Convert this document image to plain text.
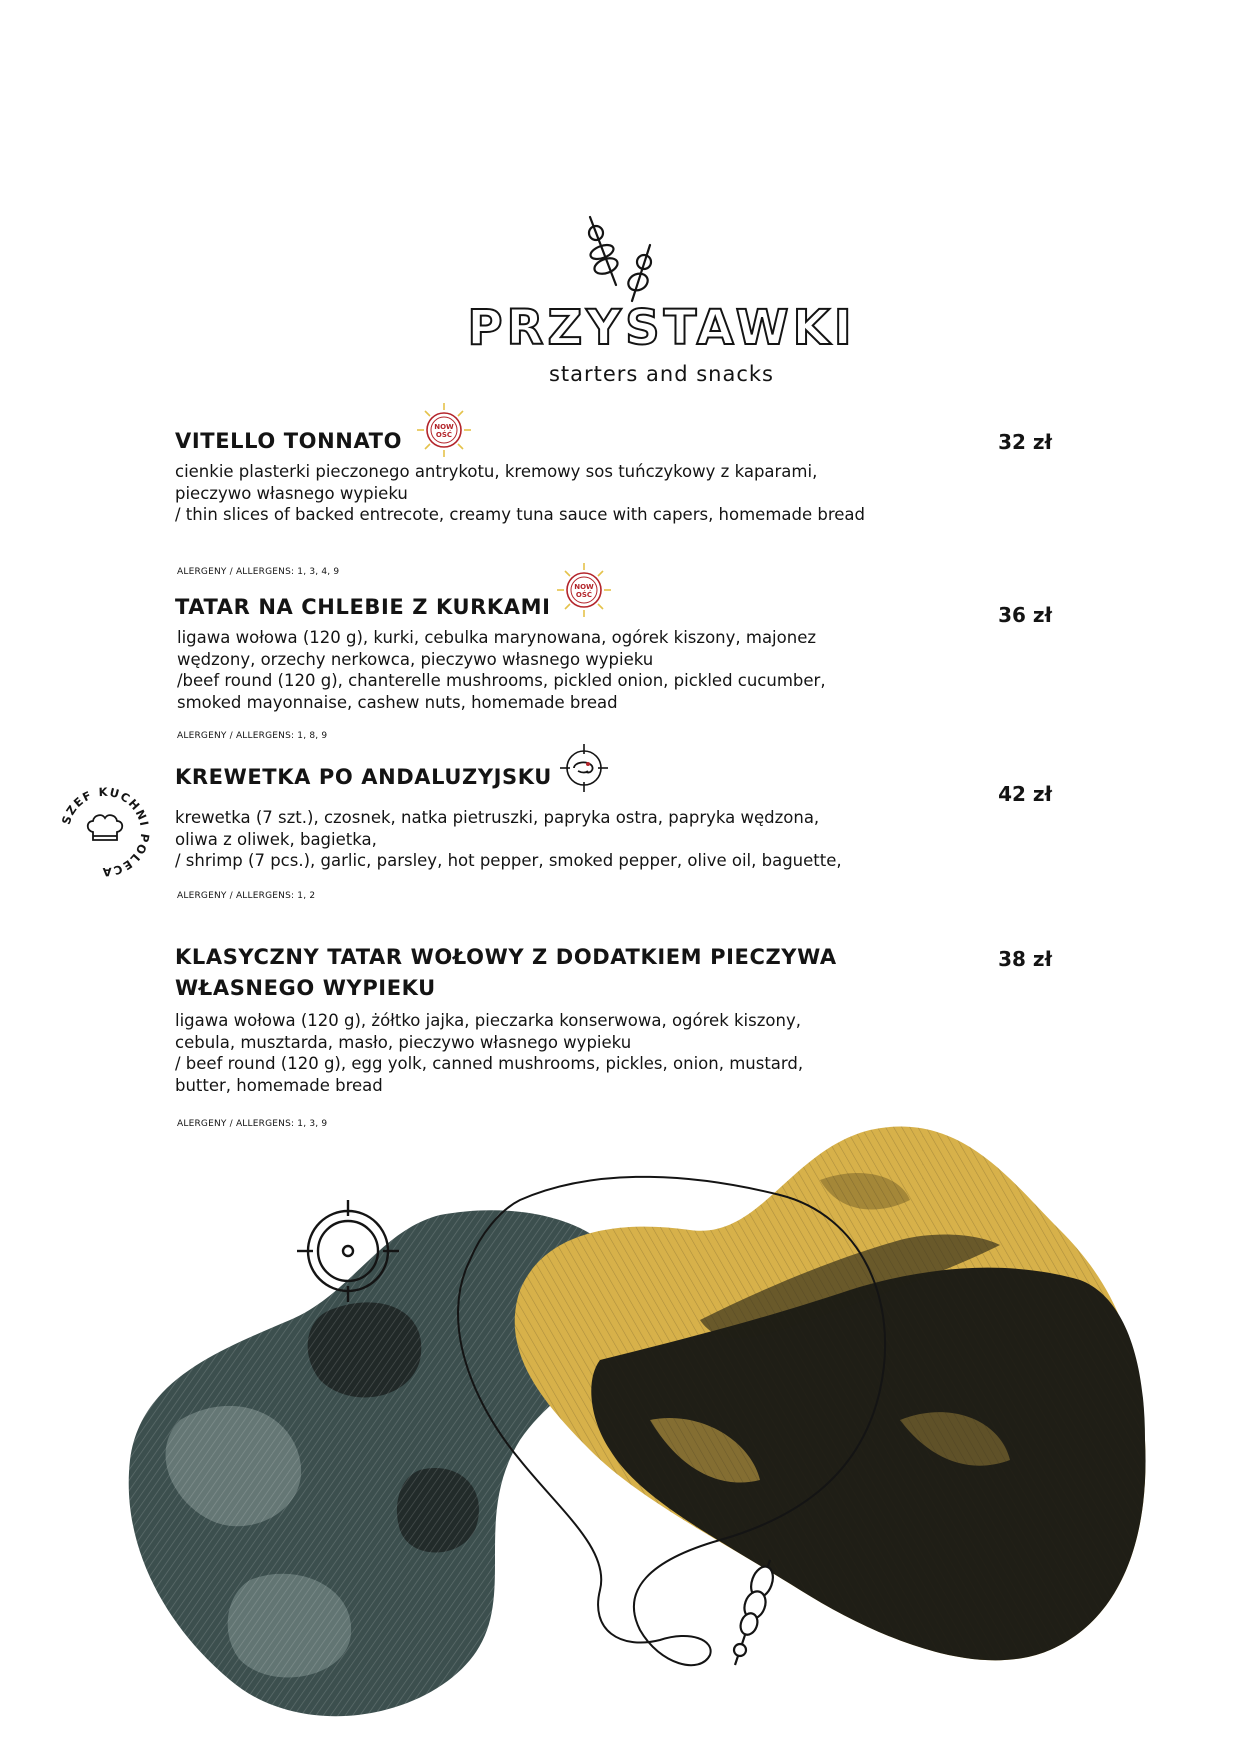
PRZYSTAWKI
starters and snacks
VITELLO TONNATO
NOW
OŚĆ	32 zł
cienkie plasterki pieczonego antrykotu, kremowy sos tuńczykowy z kaparami,
pieczywo własnego wypieku
/ thin slices of backed entrecote, creamy tuna sauce with capers, homemade bread
ALERGENY / ALLERGENS: 1, 3, 4, 9
TATAR NA CHLEBIE Z KURKAMI
NOW
OŚĆ
36 zł
ligawa wołowa (120 g), kurki, cebulka marynowana, ogórek kiszony, majonez
wędzony, orzechy nerkowca, pieczywo własnego wypieku
/beef round (120 g), chanterelle mushrooms, pickled onion, pickled cucumber,
smoked mayonnaise, cashew nuts, homemade bread
ALERGENY / ALLERGENS: 1, 8, 9
SZEF KUCHNI POLECA
KREWETKA PO ANDALUZYJSKU
42 zł
krewetka (7 szt.), czosnek, natka pietruszki, papryka ostra, papryka wędzona,
oliwa z oliwek, bagietka,
/ shrimp (7 pcs.), garlic, parsley, hot pepper, smoked pepper, olive oil, baguette,
ALERGENY / ALLERGENS: 1, 2
KLASYCZNY TATAR WOŁOWY Z DODATKIEM PIECZYWA
WŁASNEGO WYPIEKU
38 zł
ligawa wołowa (120 g), żółtko jajka, pieczarka konserwowa, ogórek kiszony,
cebula, musztarda, masło, pieczywo własnego wypieku
/ beef round (120 g), egg yolk, canned mushrooms, pickles, onion, mustard,
butter, homemade bread
ALERGENY / ALLERGENS: 1, 3, 9
